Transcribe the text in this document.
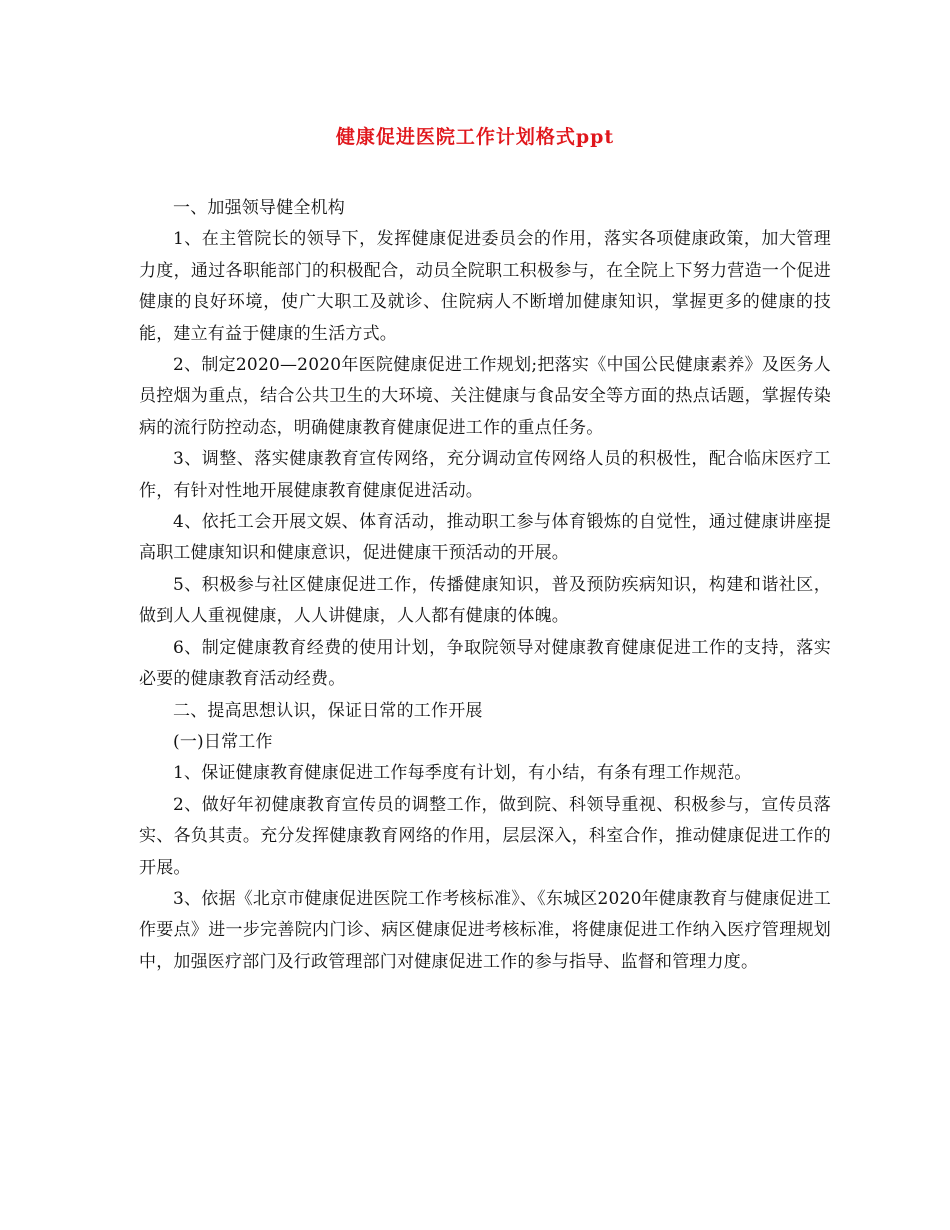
健康促进医院工作计划格式ppt

一、加强领导健全机构

1、在主管院长的领导下，发挥健康促进委员会的作用，落实各项健康政策，加大管理力度，通过各职能部门的积极配合，动员全院职工积极参与，在全院上下努力营造一个促进健康的良好环境，使广大职工及就诊、住院病人不断增加健康知识，掌握更多的健康的技能，建立有益于健康的生活方式。

2、制定2020—2020年医院健康促进工作规划;把落实《中国公民健康素养》及医务人员控烟为重点，结合公共卫生的大环境、关注健康与食品安全等方面的热点话题，掌握传染病的流行防控动态，明确健康教育健康促进工作的重点任务。

3、调整、落实健康教育宣传网络，充分调动宣传网络人员的积极性，配合临床医疗工作，有针对性地开展健康教育健康促进活动。

4、依托工会开展文娱、体育活动，推动职工参与体育锻炼的自觉性，通过健康讲座提高职工健康知识和健康意识，促进健康干预活动的开展。

5、积极参与社区健康促进工作，传播健康知识，普及预防疾病知识，构建和谐社区，做到人人重视健康，人人讲健康，人人都有健康的体魄。

6、制定健康教育经费的使用计划，争取院领导对健康教育健康促进工作的支持，落实必要的健康教育活动经费。

二、提高思想认识，保证日常的工作开展

(一)日常工作

1、保证健康教育健康促进工作每季度有计划，有小结，有条有理工作规范。

2、做好年初健康教育宣传员的调整工作，做到院、科领导重视、积极参与，宣传员落实、各负其责。充分发挥健康教育网络的作用，层层深入，科室合作，推动健康促进工作的开展。

3、依据《北京市健康促进医院工作考核标准》、《东城区2020年健康教育与健康促进工作要点》进一步完善院内门诊、病区健康促进考核标准，将健康促进工作纳入医疗管理规划中，加强医疗部门及行政管理部门对健康促进工作的参与指导、监督和管理力度。
